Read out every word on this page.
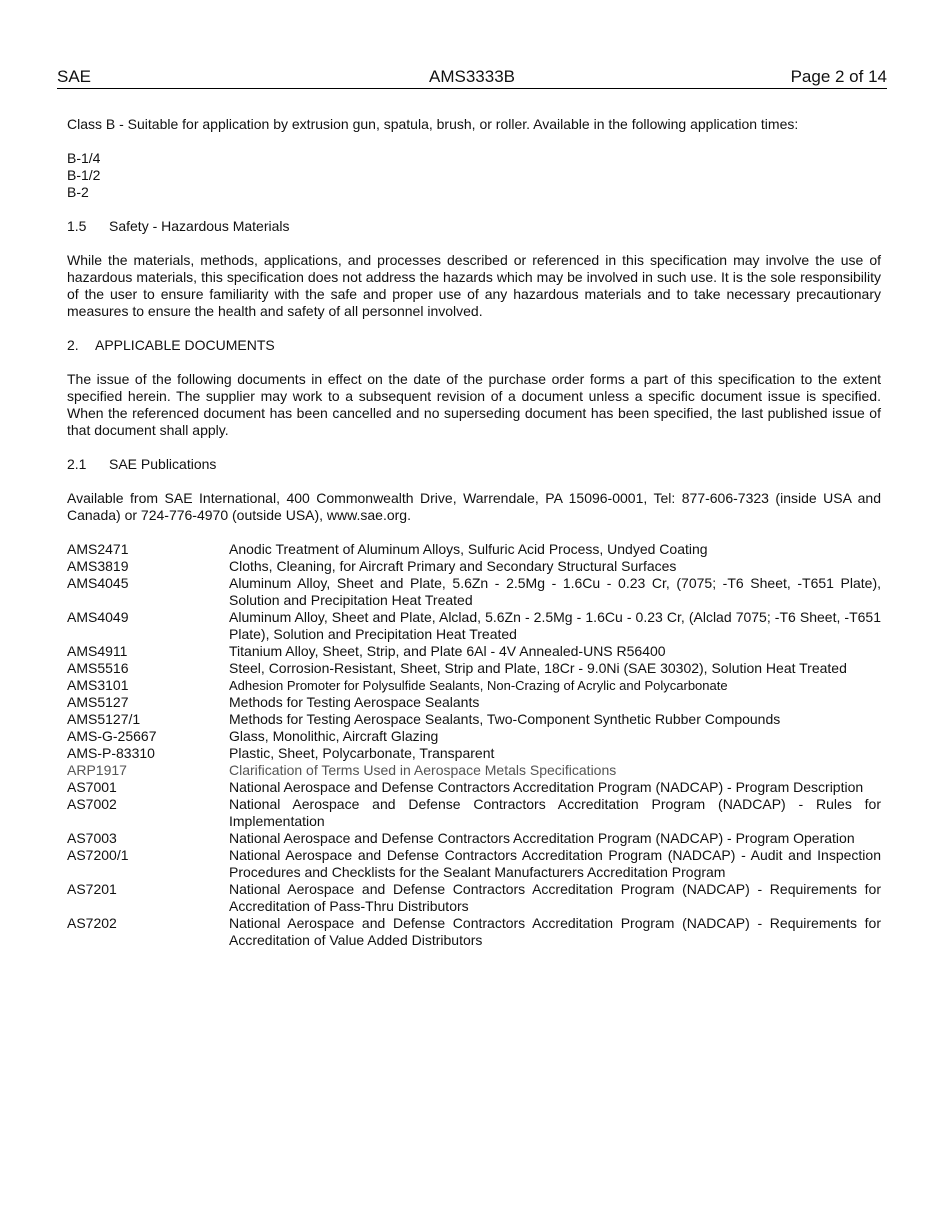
SAE	AMS3333B	Page 2 of 14

Class B - Suitable for application by extrusion gun, spatula, brush, or roller. Available in the following application times:

B-1/4

B-1/2

B-2

1.5 Safety - Hazardous Materials

While the materials, methods, applications, and processes described or referenced in this specification may involve the use of hazardous materials, this specification does not address the hazards which may be involved in such use. It is the sole responsibility of the user to ensure familiarity with the safe and proper use of any hazardous materials and to take necessary precautionary measures to ensure the health and safety of all personnel involved.

2. APPLICABLE DOCUMENTS

The issue of the following documents in effect on the date of the purchase order forms a part of this specification to the extent specified herein. The supplier may work to a subsequent revision of a document unless a specific document issue is specified. When the referenced document has been cancelled and no superseding document has been specified, the last published issue of that document shall apply.

2.1 SAE Publications

Available from SAE International, 400 Commonwealth Drive, Warrendale, PA 15096-0001, Tel: 877-606-7323 (inside USA and Canada) or 724-776-4970 (outside USA), www.sae.org.

AMS2471	Anodic Treatment of Aluminum Alloys, Sulfuric Acid Process, Undyed Coating
AMS3819	Cloths, Cleaning, for Aircraft Primary and Secondary Structural Surfaces
AMS4045	Aluminum Alloy, Sheet and Plate, 5.6Zn - 2.5Mg - 1.6Cu - 0.23 Cr, (7075; -T6 Sheet, -T651 Plate), Solution and Precipitation Heat Treated
AMS4049	Aluminum Alloy, Sheet and Plate, Alclad, 5.6Zn - 2.5Mg - 1.6Cu - 0.23 Cr, (Alclad 7075; -T6 Sheet, -T651 Plate), Solution and Precipitation Heat Treated
AMS4911	Titanium Alloy, Sheet, Strip, and Plate 6Al - 4V Annealed-UNS R56400
AMS5516	Steel, Corrosion-Resistant, Sheet, Strip and Plate, 18Cr - 9.0Ni (SAE 30302), Solution Heat Treated
AMS3101	Adhesion Promoter for Polysulfide Sealants, Non-Crazing of Acrylic and Polycarbonate
AMS5127	Methods for Testing Aerospace Sealants
AMS5127/1	Methods for Testing Aerospace Sealants, Two-Component Synthetic Rubber Compounds
AMS-G-25667	Glass, Monolithic, Aircraft Glazing
AMS-P-83310	Plastic, Sheet, Polycarbonate, Transparent
ARP1917	Clarification of Terms Used in Aerospace Metals Specifications
AS7001	National Aerospace and Defense Contractors Accreditation Program (NADCAP) - Program Description
AS7002	National Aerospace and Defense Contractors Accreditation Program (NADCAP) - Rules for Implementation
AS7003	National Aerospace and Defense Contractors Accreditation Program (NADCAP) - Program Operation
AS7200/1	National Aerospace and Defense Contractors Accreditation Program (NADCAP) - Audit and Inspection Procedures and Checklists for the Sealant Manufacturers Accreditation Program
AS7201	National Aerospace and Defense Contractors Accreditation Program (NADCAP) - Requirements for Accreditation of Pass-Thru Distributors
AS7202	National Aerospace and Defense Contractors Accreditation Program (NADCAP) - Requirements for Accreditation of Value Added Distributors
